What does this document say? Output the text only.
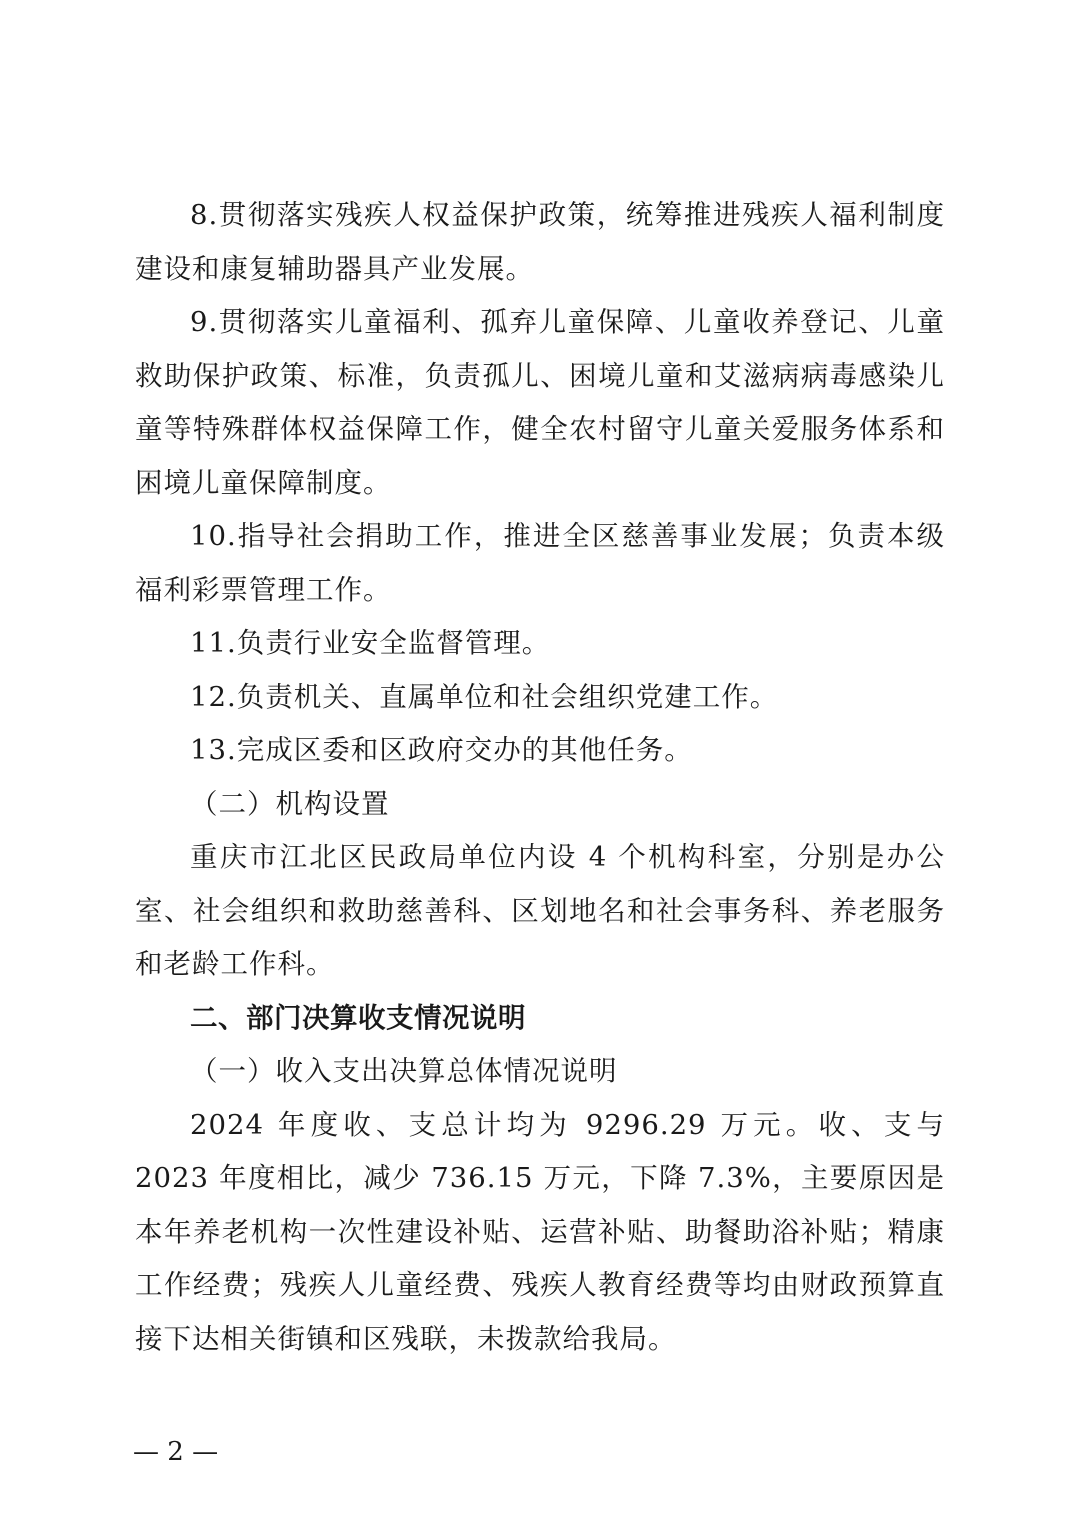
8.贯彻落实残疾人权益保护政策，统筹推进残疾人福利制度建设和康复辅助器具产业发展。

9.贯彻落实儿童福利、孤弃儿童保障、儿童收养登记、儿童救助保护政策、标准，负责孤儿、困境儿童和艾滋病病毒感染儿童等特殊群体权益保障工作，健全农村留守儿童关爱服务体系和困境儿童保障制度。

10.指导社会捐助工作，推进全区慈善事业发展；负责本级福利彩票管理工作。

11.负责行业安全监督管理。

12.负责机关、直属单位和社会组织党建工作。

13.完成区委和区政府交办的其他任务。

（二）机构设置

重庆市江北区民政局单位内设 4 个机构科室，分别是办公室、社会组织和救助慈善科、区划地名和社会事务科、养老服务和老龄工作科。

二、部门决算收支情况说明

（一）收入支出决算总体情况说明

2024 年度收、支总计均为 9296.29 万元。收、支与 2023 年度相比，减少 736.15 万元，下降 7.3%，主要原因是本年养老机构一次性建设补贴、运营补贴、助餐助浴补贴；精康工作经费；残疾人儿童经费、残疾人教育经费等均由财政预算直接下达相关街镇和区残联，未拨款给我局。

— 2 —
